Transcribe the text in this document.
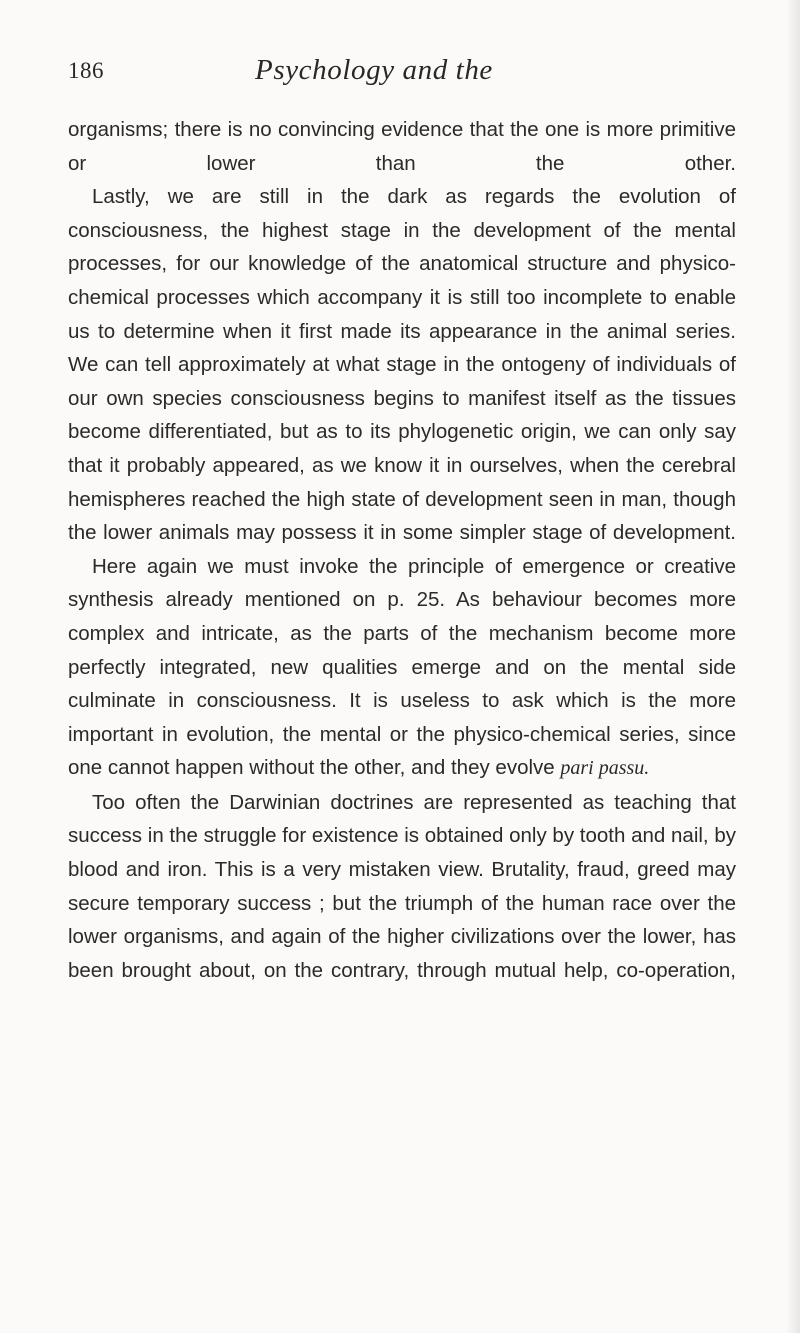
186	Psychology and the

organisms; there is no convincing evidence that the one is more primitive or lower than the other.

Lastly, we are still in the dark as regards the evolution of consciousness, the highest stage in the development of the mental processes, for our knowledge of the anatomical structure and physico-chemical processes which accompany it is still too incomplete to enable us to determine when it first made its appearance in the animal series. We can tell approximately at what stage in the ontogeny of individuals of our own species consciousness begins to manifest itself as the tissues become differentiated, but as to its phylogenetic origin, we can only say that it probably appeared, as we know it in ourselves, when the cerebral hemispheres reached the high state of development seen in man, though the lower animals may possess it in some simpler stage of development.

Here again we must invoke the principle of emergence or creative synthesis already mentioned on p. 25. As behaviour becomes more complex and intricate, as the parts of the mechanism become more perfectly integrated, new qualities emerge and on the mental side culminate in consciousness. It is useless to ask which is the more important in evolution, the mental or the physico-chemical series, since one cannot happen without the other, and they evolve pari passu.

Too often the Darwinian doctrines are represented as teaching that success in the struggle for existence is obtained only by tooth and nail, by blood and iron. This is a very mistaken view. Brutality, fraud, greed may secure temporary success ; but the triumph of the human race over the lower organisms, and again of the higher civilizations over the lower, has been brought about, on the contrary, through mutual help, co-operation,
